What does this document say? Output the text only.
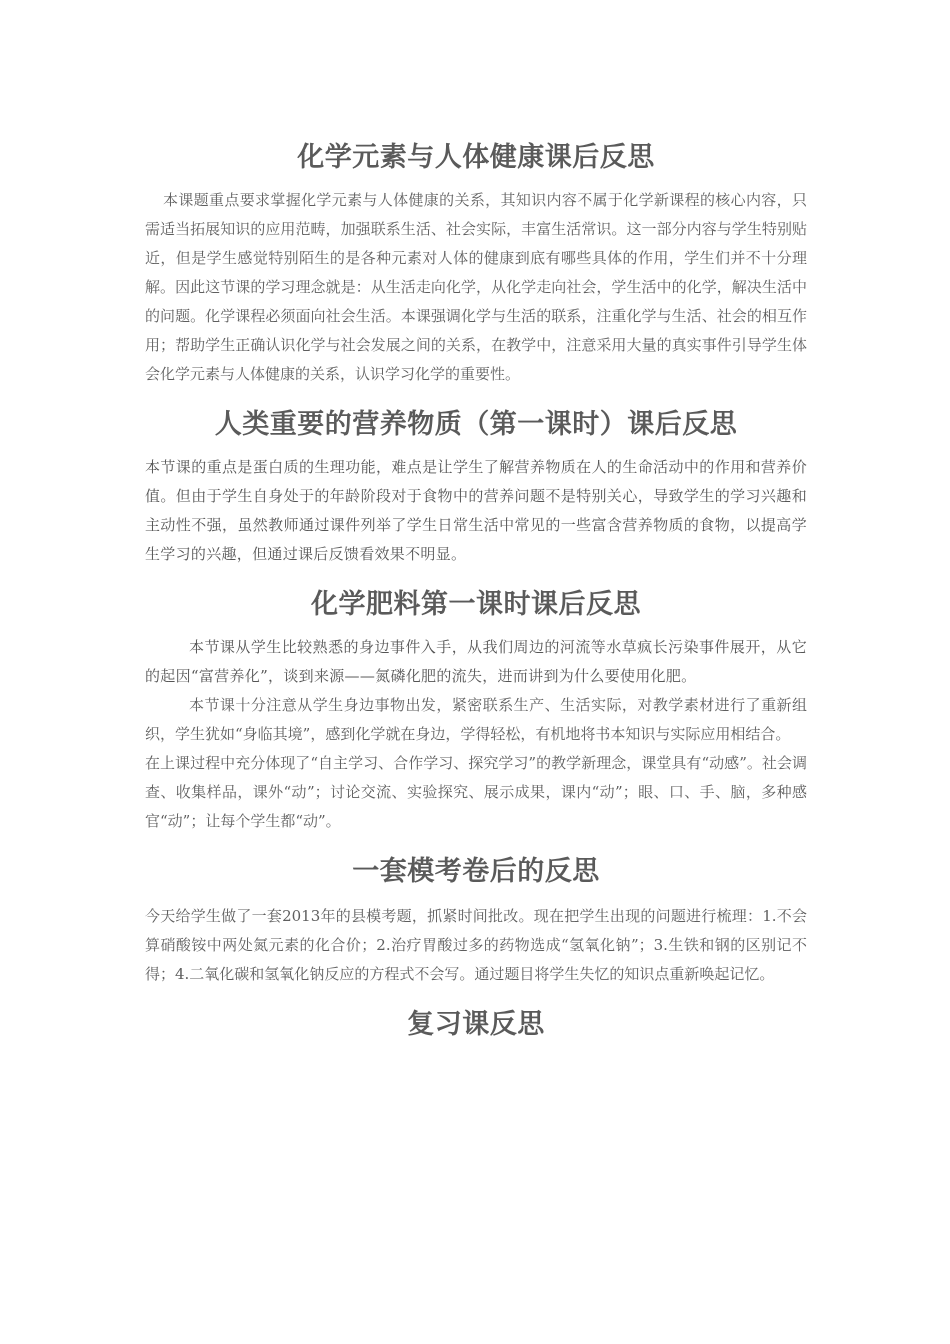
化学元素与人体健康课后反思

本课题重点要求掌握化学元素与人体健康的关系，其知识内容不属于化学新课程的核心内容，只需适当拓展知识的应用范畴，加强联系生活、社会实际，丰富生活常识。这一部分内容与学生特别贴近，但是学生感觉特别陌生的是各种元素对人体的健康到底有哪些具体的作用，学生们并不十分理解。因此这节课的学习理念就是：从生活走向化学，从化学走向社会，学生活中的化学，解决生活中的问题。化学课程必须面向社会生活。本课强调化学与生活的联系，注重化学与生活、社会的相互作用；帮助学生正确认识化学与社会发展之间的关系，在教学中，注意采用大量的真实事件引导学生体会化学元素与人体健康的关系，认识学习化学的重要性。

人类重要的营养物质（第一课时）课后反思

本节课的重点是蛋白质的生理功能，难点是让学生了解营养物质在人的生命活动中的作用和营养价值。但由于学生自身处于的年龄阶段对于食物中的营养问题不是特别关心，导致学生的学习兴趣和主动性不强，虽然教师通过课件列举了学生日常生活中常见的一些富含营养物质的食物，以提高学生学习的兴趣，但通过课后反馈看效果不明显。

化学肥料第一课时课后反思

本节课从学生比较熟悉的身边事件入手，从我们周边的河流等水草疯长污染事件展开，从它的起因“富营养化”，谈到来源——氮磷化肥的流失，进而讲到为什么要使用化肥。

本节课十分注意从学生身边事物出发，紧密联系生产、生活实际，对教学素材进行了重新组织，学生犹如“身临其境”，感到化学就在身边，学得轻松，有机地将书本知识与实际应用相结合。

在上课过程中充分体现了“自主学习、合作学习、探究学习”的教学新理念，课堂具有“动感”。社会调查、收集样品，课外“动”；讨论交流、实验探究、展示成果，课内“动”；眼、口、手、脑，多种感官“动”；让每个学生都“动”。

一套模考卷后的反思

今天给学生做了一套2013年的县模考题，抓紧时间批改。现在把学生出现的问题进行梳理：1.不会算硝酸铵中两处氮元素的化合价；2.治疗胃酸过多的药物选成“氢氧化钠”；3.生铁和钢的区别记不得；4.二氧化碳和氢氧化钠反应的方程式不会写。通过题目将学生失忆的知识点重新唤起记忆。

复习课反思
